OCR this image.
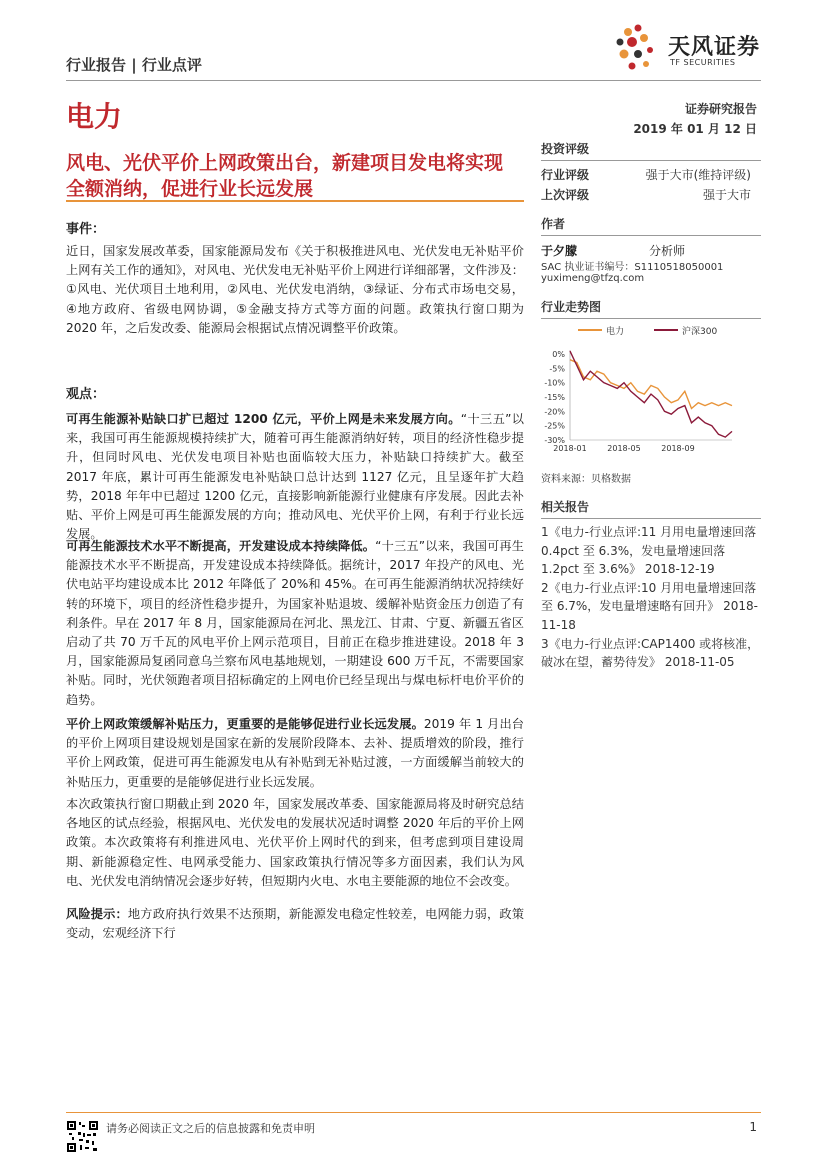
行业报告 | 行业点评
天风证券
TF SECURITIES
电力	证券研究报告
2019 年 01 月 12 日
风电、光伏平价上网政策出台，新建项目发电将实现
全额消纳，促进行业长远发展
事件：
近日，国家发展改革委，国家能源局发布《关于积极推进风电、光伏发电无补贴平价上网有关工作的通知》，对风电、光伏发电无补贴平价上网进行详细部署，文件涉及：①风电、光伏项目土地利用，②风电、光伏发电消纳，③绿证、分布式市场电交易，④地方政府、省级电网协调，⑤金融支持方式等方面的问题。政策执行窗口期为 2020 年，之后发改委、能源局会根据试点情况调整平价政策。
观点：
可再生能源补贴缺口扩已超过 1200 亿元，平价上网是未来发展方向。“十三五”以来，我国可再生能源规模持续扩大，随着可再生能源消纳好转，项目的经济性稳步提升，但同时风电、光伏发电项目补贴也面临较大压力，补贴缺口持续扩大。截至 2017 年底，累计可再生能源发电补贴缺口总计达到 1127 亿元，且呈逐年扩大趋势，2018 年年中已超过 1200 亿元，直接影响新能源行业健康有序发展。因此去补贴、平价上网是可再生能源发展的方向；推动风电、光伏平价上网，有利于行业长远发展。
可再生能源技术水平不断提高，开发建设成本持续降低。“十三五”以来，我国可再生能源技术水平不断提高，开发建设成本持续降低。据统计，2017 年投产的风电、光伏电站平均建设成本比 2012 年降低了 20%和 45%。在可再生能源消纳状况持续好转的环境下，项目的经济性稳步提升，为国家补贴退坡、缓解补贴资金压力创造了有利条件。早在 2017 年 8 月，国家能源局在河北、黑龙江、甘肃、宁夏、新疆五省区启动了共 70 万千瓦的风电平价上网示范项目，目前正在稳步推进建设。2018 年 3 月，国家能源局复函同意乌兰察布风电基地规划，一期建设 600 万千瓦，不需要国家补贴。同时，光伏领跑者项目招标确定的上网电价已经呈现出与煤电标杆电价平价的趋势。
平价上网政策缓解补贴压力，更重要的是能够促进行业长远发展。2019 年 1 月出台的平价上网项目建设规划是国家在新的发展阶段降本、去补、提质增效的阶段，推行平价上网政策，促进可再生能源发电从有补贴到无补贴过渡，一方面缓解当前较大的补贴压力，更重要的是能够促进行业长远发展。
本次政策执行窗口期截止到 2020 年，国家发展改革委、国家能源局将及时研究总结各地区的试点经验，根据风电、光伏发电的发展状况适时调整 2020 年后的平价上网政策。本次政策将有利推进风电、光伏平价上网时代的到来，但考虑到项目建设周期、新能源稳定性、电网承受能力、国家政策执行情况等多方面因素，我们认为风电、光伏发电消纳情况会逐步好转，但短期内火电、水电主要能源的地位不会改变。
风险提示：地方政府执行效果不达预期，新能源发电稳定性较差，电网能力弱，政策变动，宏观经济下行
投资评级
行业评级	强于大市(维持评级)
上次评级	强于大市
作者
于夕朦	分析师
SAC 执业证书编号：S1110518050001
yuximeng@tfzq.com
行业走势图
电力	沪深300
0%
-5%
-10%
-15%
-20%
-25%
-30%
2018-01	2018-05	2018-09
资料来源：贝格数据
相关报告
1《电力-行业点评:11 月用电量增速回落 0.4pct 至 6.3%，发电量增速回落 1.2pct 至 3.6%》 2018-12-19
2《电力-行业点评:10 月用电量增速回落至 6.7%，发电量增速略有回升》 2018-11-18
3《电力-行业点评:CAP1400 或将核准，破冰在望，蓄势待发》 2018-11-05
请务必阅读正文之后的信息披露和免责申明	1
